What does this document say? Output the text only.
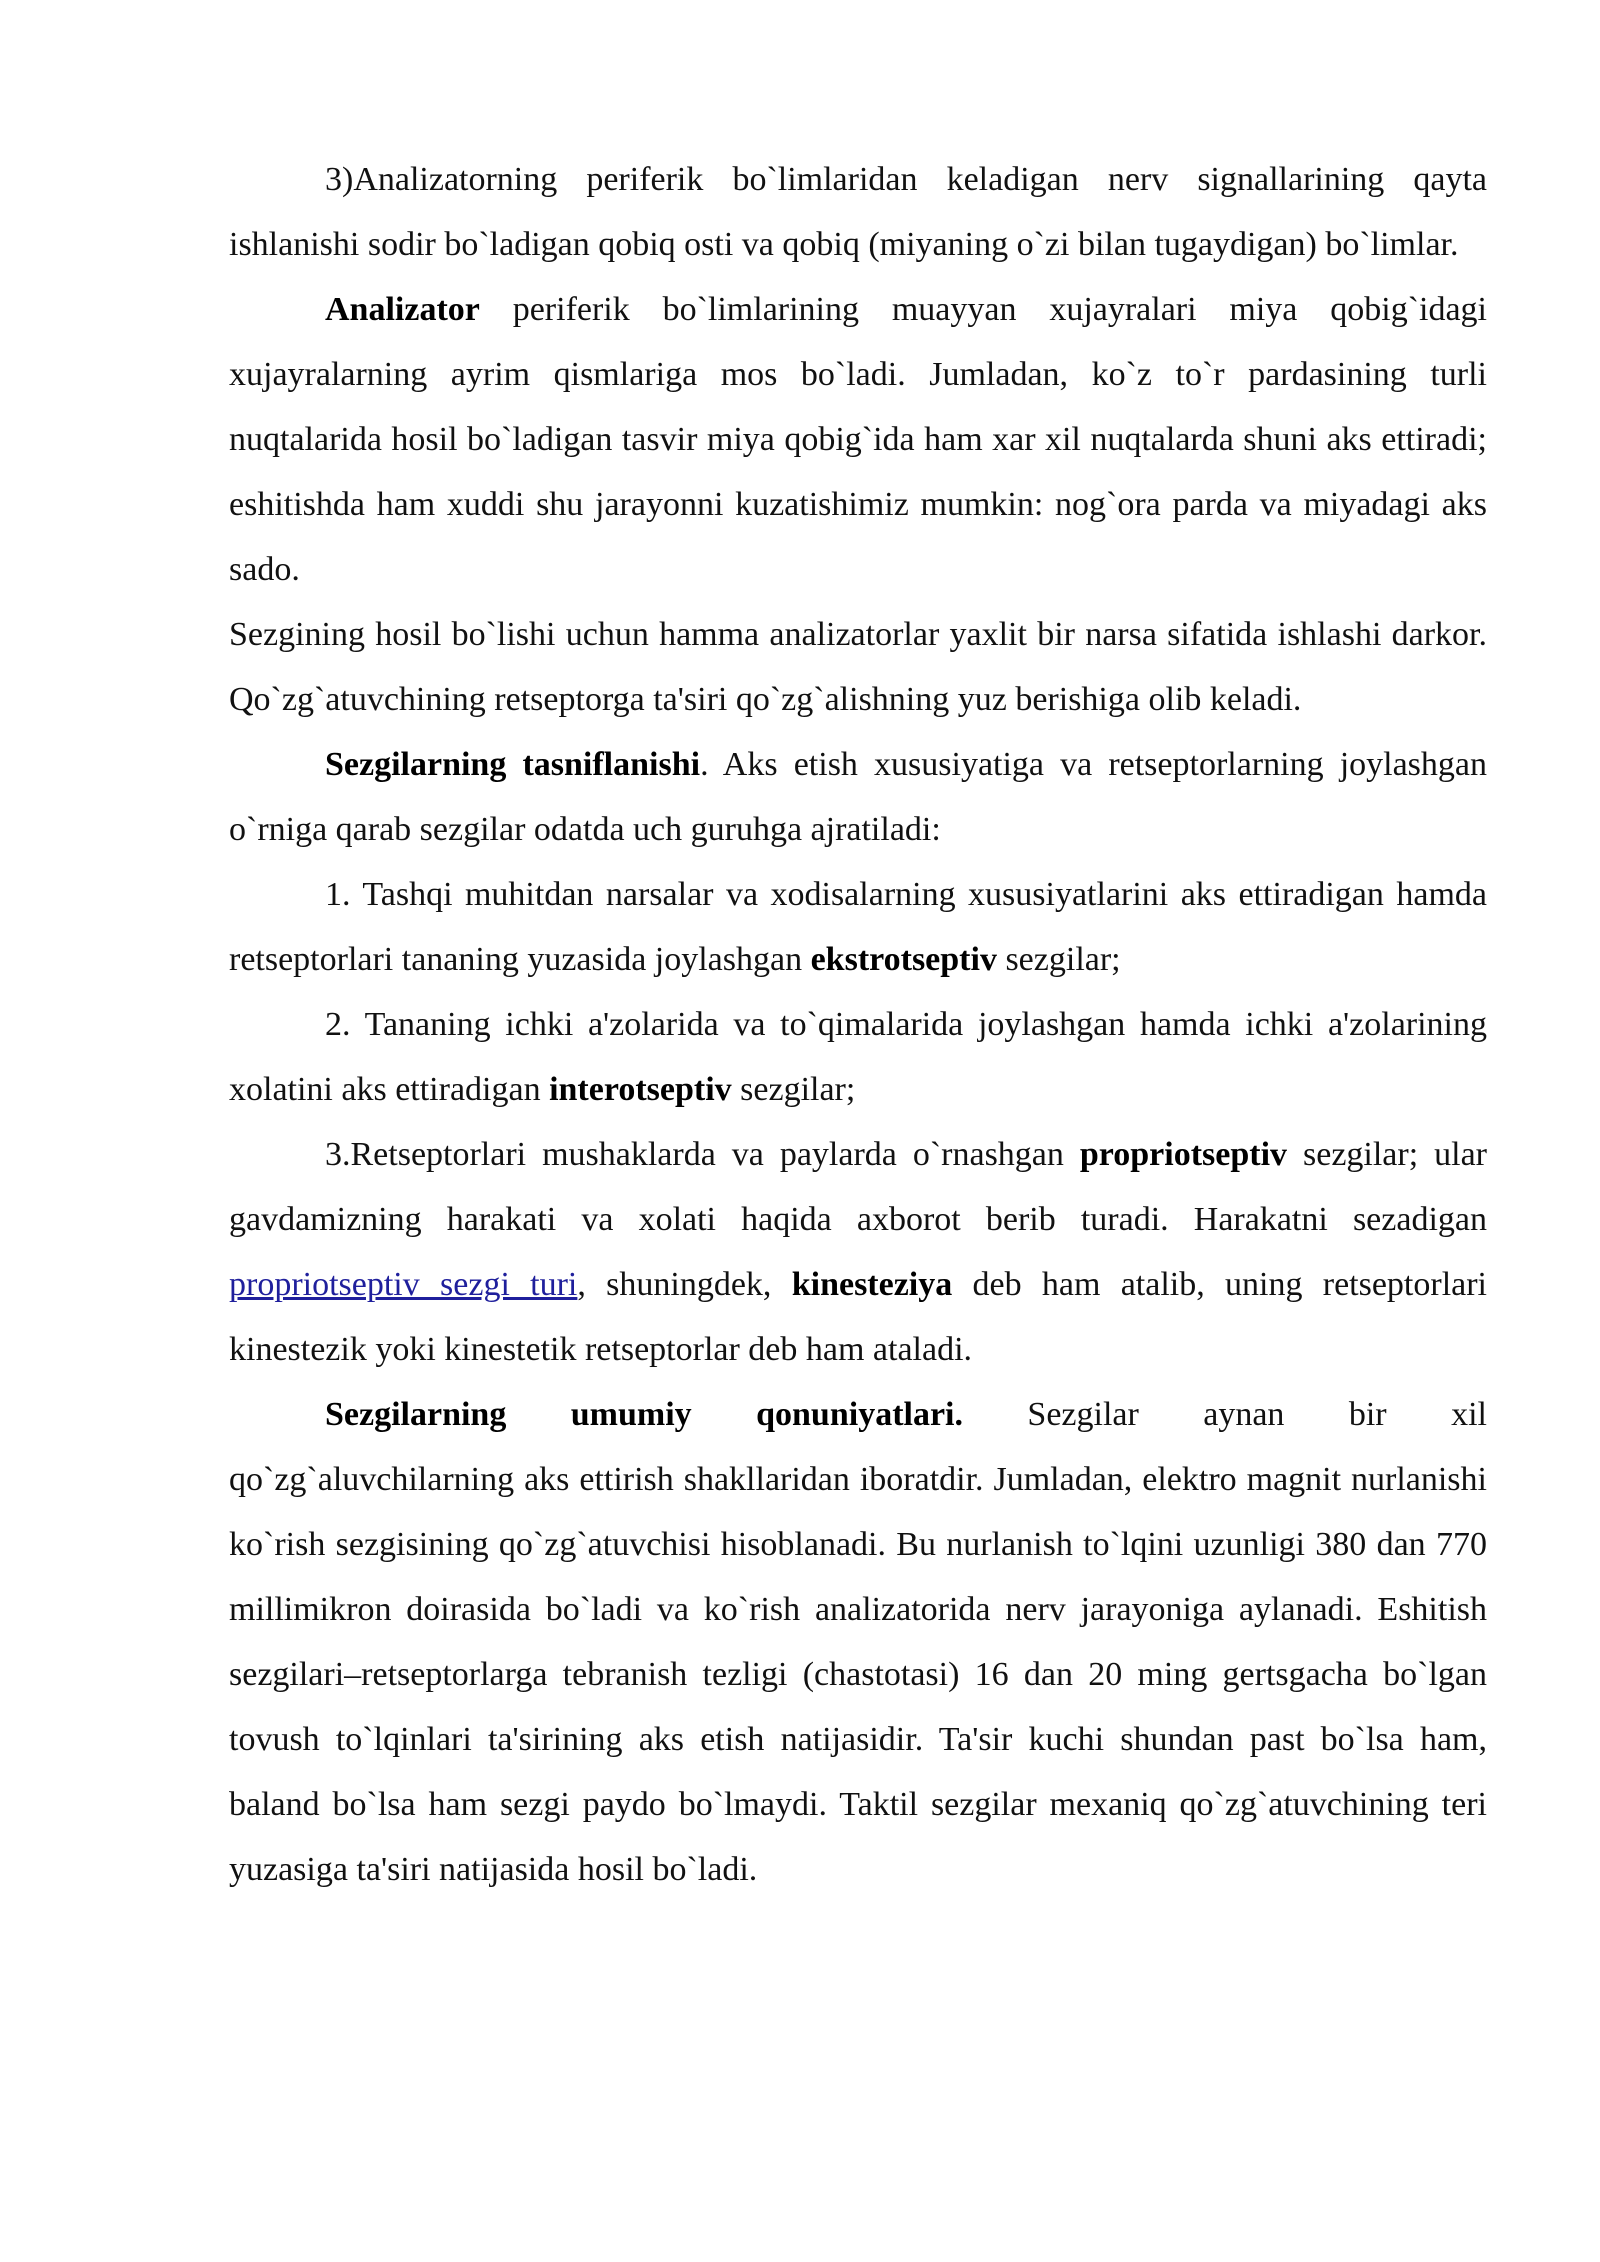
3)Analizatorning periferik bo`limlaridan keladigan nerv signallarining qayta ishlanishi sodir bo`ladigan qobiq osti va qobiq (miyaning o`zi bilan tugaydigan) bo`limlar.

Analizator periferik bo`limlarining muayyan xujayralari miya qobig`idagi xujayralarning ayrim qismlariga mos bo`ladi. Jumladan, ko`z to`r pardasining turli nuqtalarida hosil bo`ladigan tasvir miya qobig`ida ham xar xil nuqtalarda shuni aks ettiradi; eshitishda ham xuddi shu jarayonni kuzatishimiz mumkin: nog`ora parda va miyadagi aks sado.

Sezgining hosil bo`lishi uchun hamma analizatorlar yaxlit bir narsa sifatida ishlashi darkor. Qo`zg`atuvchining retseptorga ta'siri qo`zg`alishning yuz berishiga olib keladi.

Sezgilarning tasniflanishi. Aks etish xususiyatiga va retseptorlarning joylashgan o`rniga qarab sezgilar odatda uch guruhga ajratiladi:

1. Tashqi muhitdan narsalar va xodisalarning xususiyatlarini aks ettiradigan hamda retseptorlari tananing yuzasida joylashgan ekstrotseptiv sezgilar;

2. Tananing ichki a'zolarida va to`qimalarida joylashgan hamda ichki a'zolarining xolatini aks ettiradigan interotseptiv sezgilar;

3.Retseptorlari mushaklarda va paylarda o`rnashgan propriotseptiv sezgilar; ular gavdamizning harakati va xolati haqida axborot berib turadi. Harakatni sezadigan propriotseptiv sezgi turi, shuningdek, kinesteziya deb ham atalib, uning retseptorlari kinestezik yoki kinestetik retseptorlar deb ham ataladi.

Sezgilarning umumiy qonuniyatlari. Sezgilar aynan bir xil

qo`zg`aluvchilarning aks ettirish shakllaridan iboratdir. Jumladan, elektro magnit nurlanishi ko`rish sezgisining qo`zg`atuvchisi hisoblanadi. Bu nurlanish to`lqini uzunligi 380 dan 770 millimikron doirasida bo`ladi va ko`rish analizatorida nerv jarayoniga aylanadi. Eshitish sezgilari–retseptorlarga tebranish tezligi (chastotasi) 16 dan 20 ming gertsgacha bo`lgan tovush to`lqinlari ta'sirining aks etish natijasidir. Ta'sir kuchi shundan past bo`lsa ham, baland bo`lsa ham sezgi paydo bo`lmaydi. Taktil sezgilar mexaniq qo`zg`atuvchining teri yuzasiga ta'siri natijasida hosil bo`ladi.
